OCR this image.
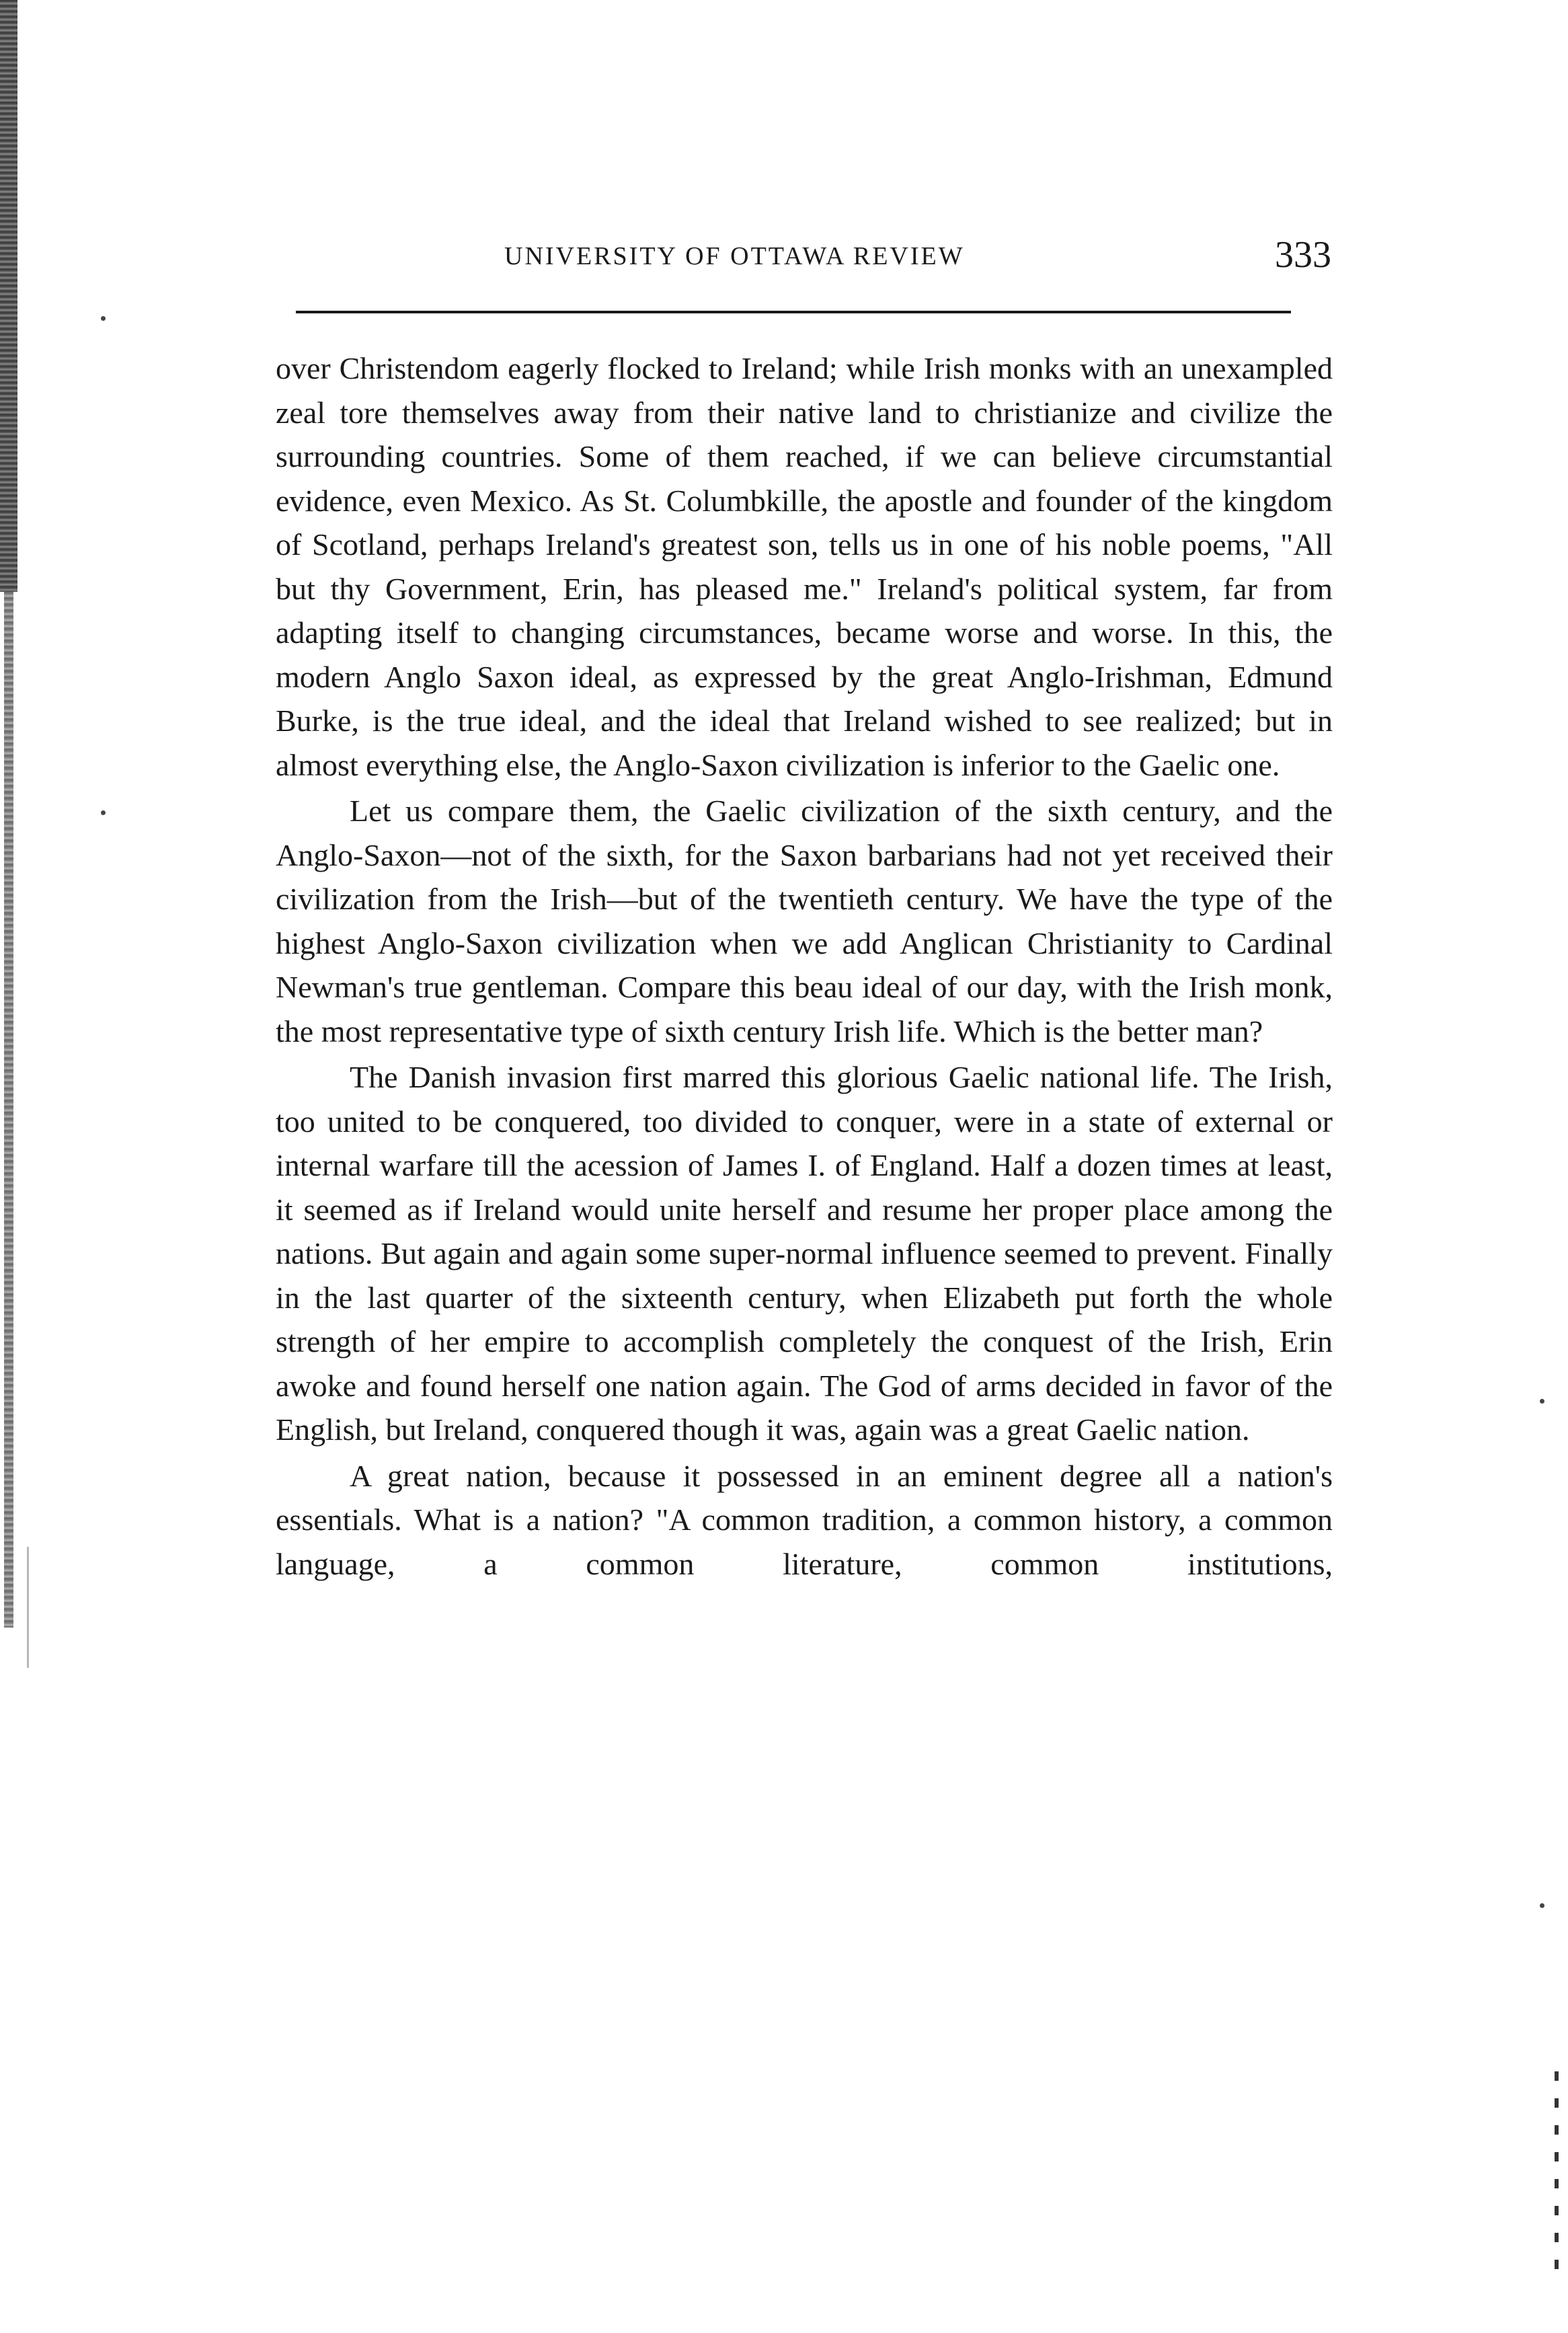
UNIVERSITY OF OTTAWA REVIEW	333

over Christendom eagerly flocked to Ireland; while Irish monks with an unexampled zeal tore themselves away from their native land to christianize and civilize the surrounding countries. Some of them reached, if we can believe circumstantial evidence, even Mexico. As St. Columbkille, the apostle and founder of the kingdom of Scotland, perhaps Ireland's greatest son, tells us in one of his noble poems, "All but thy Government, Erin, has pleased me." Ireland's political system, far from adapting itself to changing circumstances, became worse and worse. In this, the modern Anglo Saxon ideal, as expressed by the great Anglo-Irishman, Edmund Burke, is the true ideal, and the ideal that Ireland wished to see realized; but in almost everything else, the Anglo-Saxon civilization is inferior to the Gaelic one.

Let us compare them, the Gaelic civilization of the sixth century, and the Anglo-Saxon—not of the sixth, for the Saxon barbarians had not yet received their civilization from the Irish—but of the twentieth century. We have the type of the highest Anglo-Saxon civilization when we add Anglican Christianity to Cardinal Newman's true gentleman. Compare this beau ideal of our day, with the Irish monk, the most representative type of sixth century Irish life. Which is the better man?

The Danish invasion first marred this glorious Gaelic national life. The Irish, too united to be conquered, too divided to conquer, were in a state of external or internal warfare till the acession of James I. of England. Half a dozen times at least, it seemed as if Ireland would unite herself and resume her proper place among the nations. But again and again some super-normal influence seemed to prevent. Finally in the last quarter of the sixteenth century, when Elizabeth put forth the whole strength of her empire to accomplish completely the conquest of the Irish, Erin awoke and found herself one nation again. The God of arms decided in favor of the English, but Ireland, conquered though it was, again was a great Gaelic nation.

A great nation, because it possessed in an eminent degree all a nation's essentials. What is a nation? "A common tradition, a common history, a common language, a common literature, common institutions,
